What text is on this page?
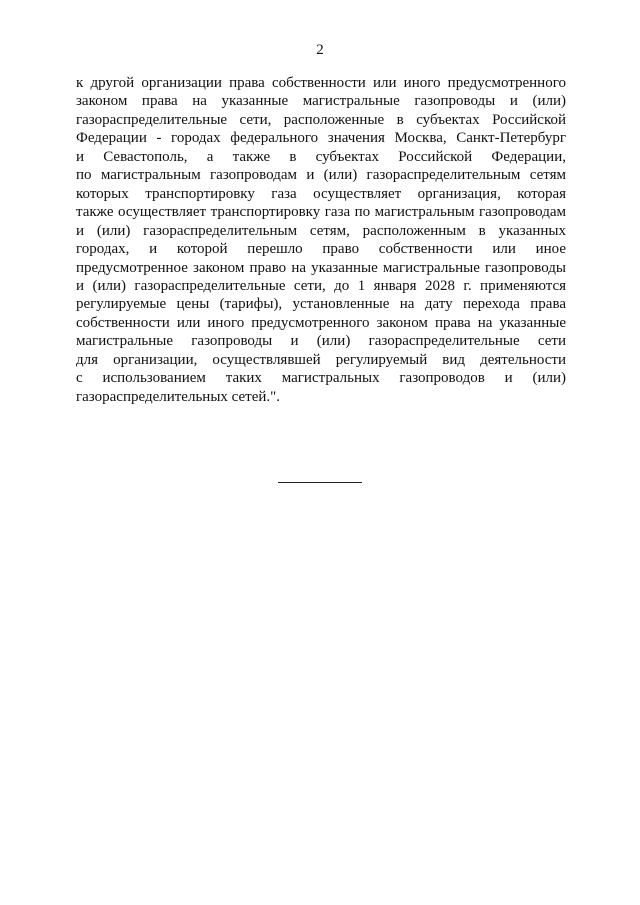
2
к другой организации права собственности или иного предусмотренного
законом права на указанные магистральные газопроводы и (или)
газораспределительные сети, расположенные в субъектах Российской
Федерации - городах федерального значения Москва, Санкт-Петербург
и Севастополь, а также в субъектах Российской Федерации,
по магистральным газопроводам и (или) газораспределительным сетям
которых транспортировку газа осуществляет организация, которая
также осуществляет транспортировку газа по магистральным газопроводам
и (или) газораспределительным сетям, расположенным в указанных
городах, и которой перешло право собственности или иное
предусмотренное законом право на указанные магистральные газопроводы
и (или) газораспределительные сети, до 1 января 2028 г. применяются
регулируемые цены (тарифы), установленные на дату перехода права
собственности или иного предусмотренного законом права на указанные
магистральные газопроводы и (или) газораспределительные сети
для организации, осуществлявшей регулируемый вид деятельности
с использованием таких магистральных газопроводов и (или)
газораспределительных сетей.".
